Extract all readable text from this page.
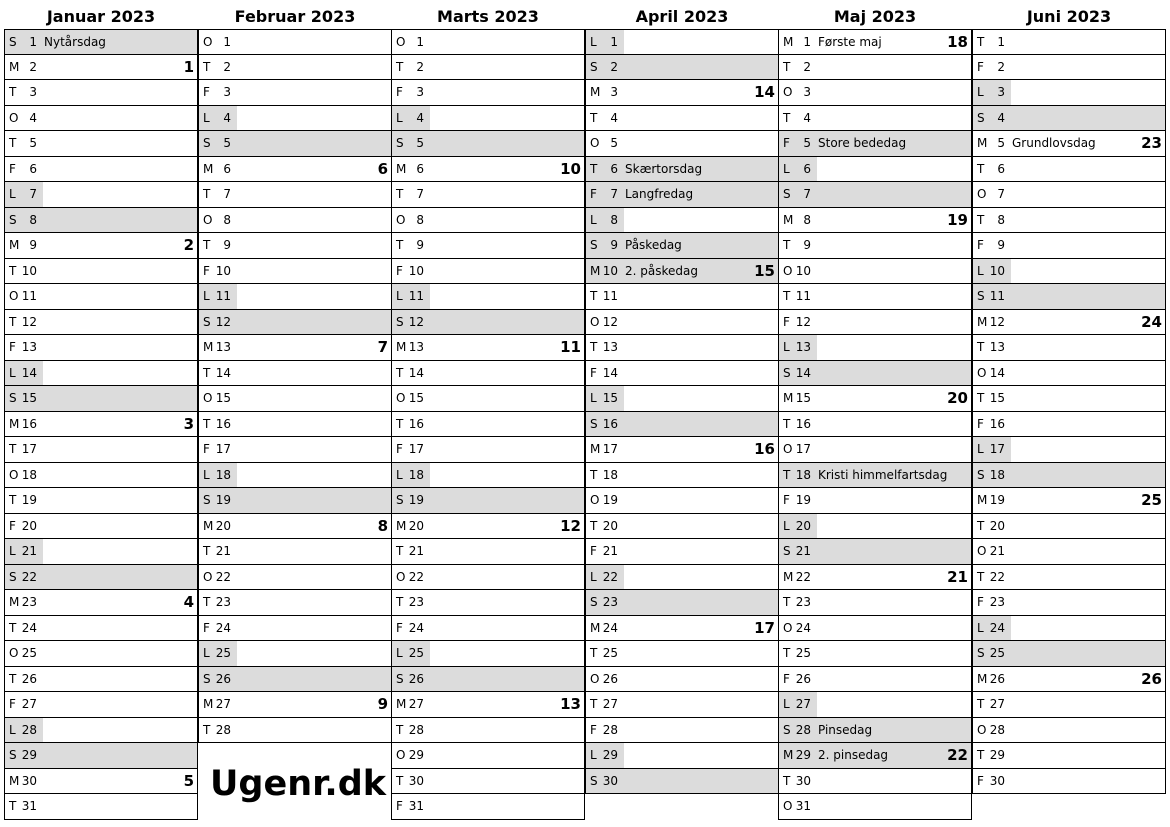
Januar 2023
S	1 Nytårsdag
M 2	1
T	3
O 4
T	5
F	6
L	7
S	8
M 9	2
T 10
O 11
T 12
F 13
L 14
S 15
M 16	3
T 17
O 18
T 19
F 20
L 21
S 22
M 23	4
T 24
O 25
T 26
F 27
L 28
S 29
M 30	5
T 31
Februar 2023
O 1
T	2
F	3
L	4
S	5
M 6	6
T	7
O 8
T	9
F 10
L 11
S 12
M 13	7
T 14
O 15
T 16
F 17
L 18
S 19
M 20	8
T 21
O 22
T 23
F 24
L 25
S 26
M 27	9
T 28
Marts 2023
O 1
T	2
F	3
L	4
S	5
M 6	10
T	7
O 8
T	9
F 10
L 11
S 12
M 13	11
T 14
O 15
T 16
F 17
L 18
S 19
M 20	12
T 21
O 22
T 23
F 24
L 25
S 26
M 27	13
T 28
O 29
T 30
F 31
April 2023
L	1
S	2
M 3	14
T	4
O 5
T	6 Skærtorsdag
F	7 Langfredag
L	8
S	9 Påskedag
M 10 2. påskedag	15
T 11
O 12
T 13
F 14
L 15
S 16
M 17	16
T 18
O 19
T 20
F 21
L 22
S 23
M 24	17
T 25
O 26
T 27
F 28
L 29
S 30
Maj 2023
M 1 Første maj	18
T	2
O 3
T	4
F	5 Store bededag
L	6
S	7
M 8	19
T	9
O 10
T 11
F 12
L 13
S 14
M 15	20
T 16
O 17
T 18 Kristi himmelfartsdag
F 19
L 20
S 21
M 22	21
T 23
O 24
T 25
F 26
L 27
S 28 Pinsedag
M 29 2. pinsedag	22
T 30
O 31
Juni 2023
T	1
F	2
L	3
S	4
M 5 Grundlovsdag	23
T	6
O 7
T	8
F	9
L 10
S 11
M 12	24
T 13
O 14
T 15
F 16
L 17
S 18
M 19	25
T 20
O 21
T 22
F 23
L 24
S 25
M 26	26
T 27
O 28
T 29
F 30
Ugenr.dk
